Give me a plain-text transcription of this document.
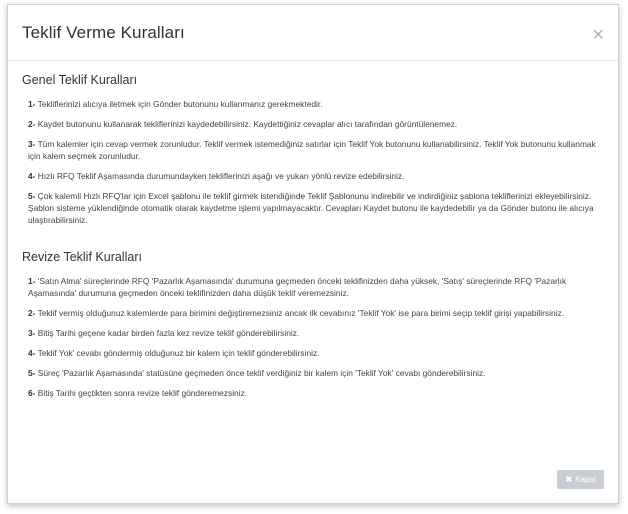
Teklif Verme Kuralları	×
Genel Teklif Kuralları
1- Tekliflerinizi alıcıya iletmek için Gönder butonunu kullanmanız gerekmektedir.
2- Kaydet butonunu kullanarak tekliflerinizi kaydedebilirsiniz. Kaydettiğiniz cevaplar alıcı tarafından görüntülenemez.
3- Tüm kalemler için cevap vermek zorunludur. Teklif vermek istemediğiniz satırlar için Teklif Yok butonunu kullanabilirsiniz. Teklif Yok butonunu kullanmak için kalem seçmek zorunludur.
4- Hızlı RFQ Teklif Aşamasında durumundayken tekliflerinizi aşağı ve yukarı yönlü revize edebilirsiniz.
5- Çok kalemli Hızlı RFQ'lar için Excel şablonu ile teklif girmek istendiğinde Teklif Şablonunu indirebilir ve indirdiğiniz şablona tekliflerinizi ekleyebilirsiniz. Şablon sisteme yüklendiğinde otomatik olarak kaydetme işlemi yapılmayacaktır. Cevapları Kaydet butonu ile kaydedebilir ya da Gönder butonu ile alıcıya ulaştırabilirsiniz.
Revize Teklif Kuralları
1- 'Satın Alma' süreçlerinde RFQ 'Pazarlık Aşamasında' durumuna geçmeden önceki teklifinizden daha yüksek, 'Satış' süreçlerinde RFQ 'Pazarlık Aşamasında' durumuna geçmeden önceki teklifinizden daha düşük teklif veremezsiniz.
2- Teklif vermiş olduğunuz kalemlerde para birimini değiştiremezsiniz ancak ilk cevabınız 'Teklif Yok' ise para birimi seçip teklif girişi yapabilirsiniz.
3- Bitiş Tarihi geçene kadar birden fazla kez revize teklif gönderebilirsiniz.
4- Teklif Yok' cevabı göndermiş olduğunuz bir kalem için teklif gönderebilirsiniz.
5- Süreç 'Pazarlık Aşamasında' statüsüne geçmeden önce teklif verdiğiniz bir kalem için 'Teklif Yok' cevabı gönderebilirsiniz.
6- Bitiş Tarihi geçtikten sonra revize teklif gönderemezsiniz.
✖ Kapat
